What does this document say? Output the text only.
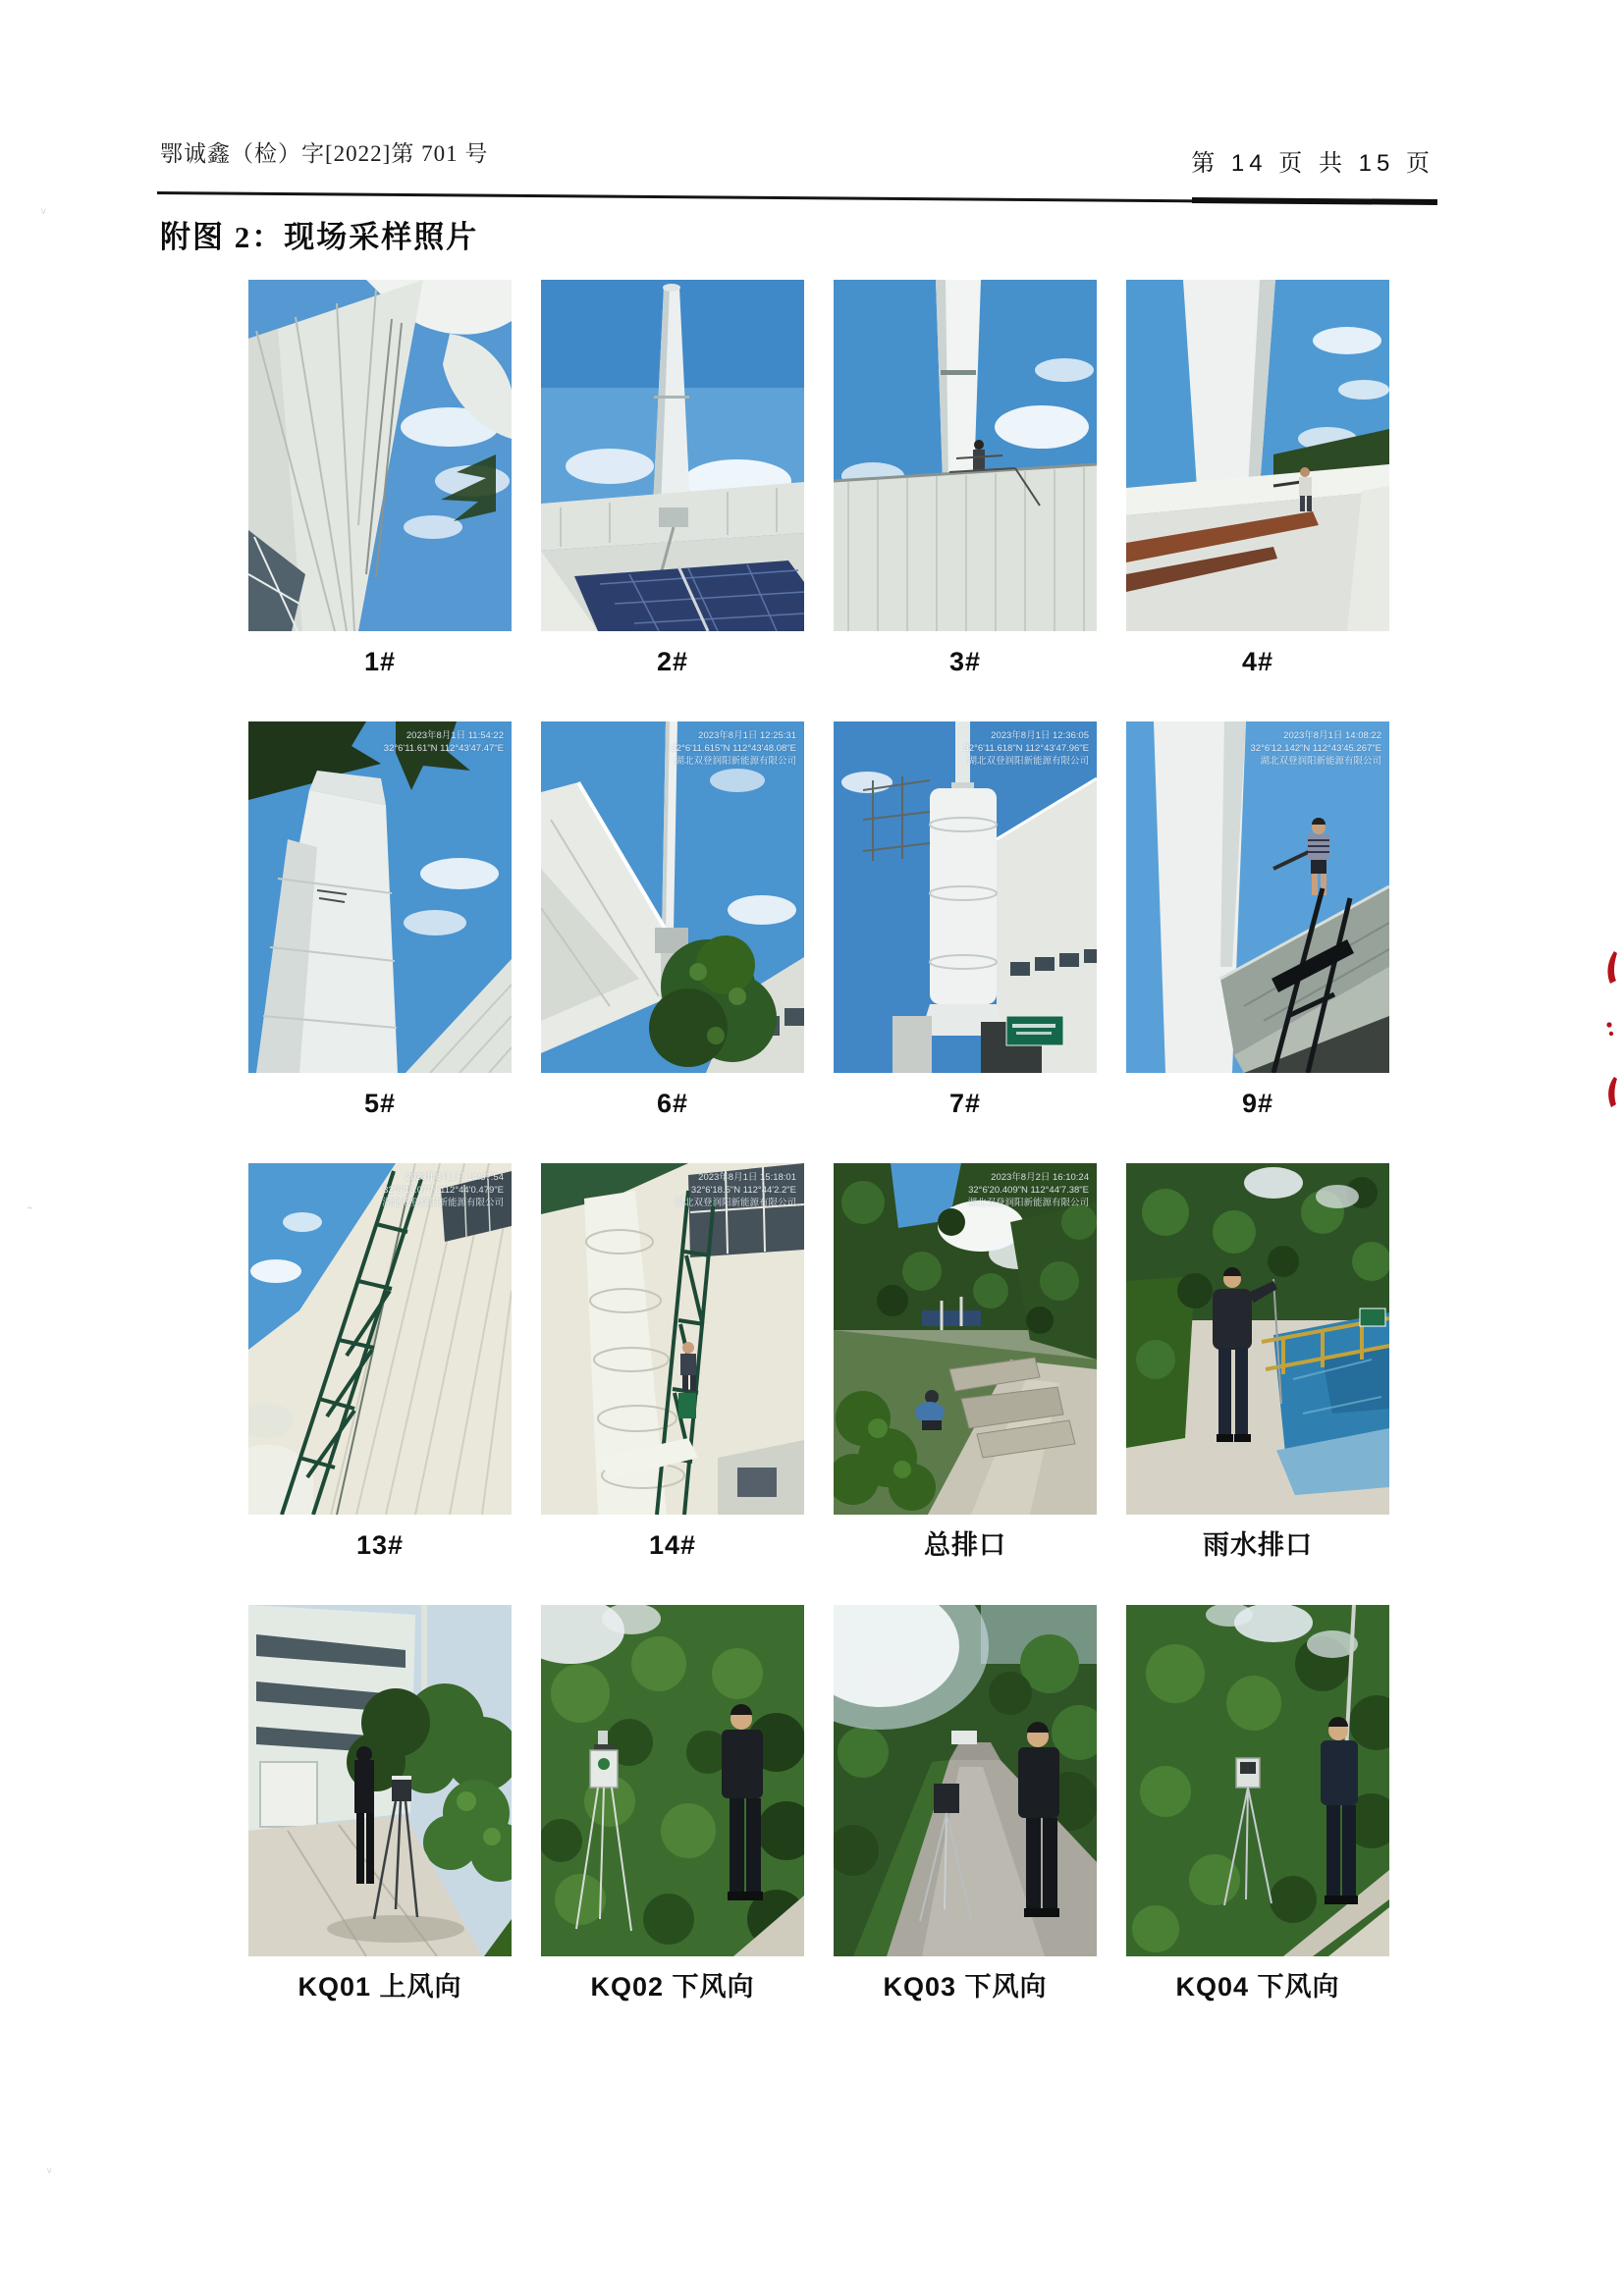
鄂诚鑫（检）字[2022]第 701 号	第 14 页 共 15 页
附图 2：现场采样照片
1#	2#	3#	4#
2023年8月1日 11:54:22
32°6'11.61"N 112°43'47.47"E
5#
2023年8月1日 12:25:31
32°6'11.615"N 112°43'48.08"E
湖北双登润阳新能源有限公司
6#
2023年8月1日 12:36:05
32°6'11.618"N 112°43'47.96"E
湖北双登润阳新能源有限公司
7#
2023年8月1日 14:08:22
32°6'12.142"N 112°43'45.267"E
湖北双登润阳新能源有限公司
9#
2023年8月1日 14:37:54
32°6'18.07"N 112°44'0.479"E
湖北双登润阳新能源有限公司
13#
2023年8月1日 15:18:01
32°6'18.5"N 112°44'2.2"E
湖北双登润阳新能源有限公司
14#
2023年8月2日 16:10:24
32°6'20.409"N 112°44'7.38"E
湖北双登润阳新能源有限公司
总排口	雨水排口
KQ01 上风向	KQ02 下风向	KQ03 下风向	KQ04 下风向
ᵥ
˷
ᵥ
